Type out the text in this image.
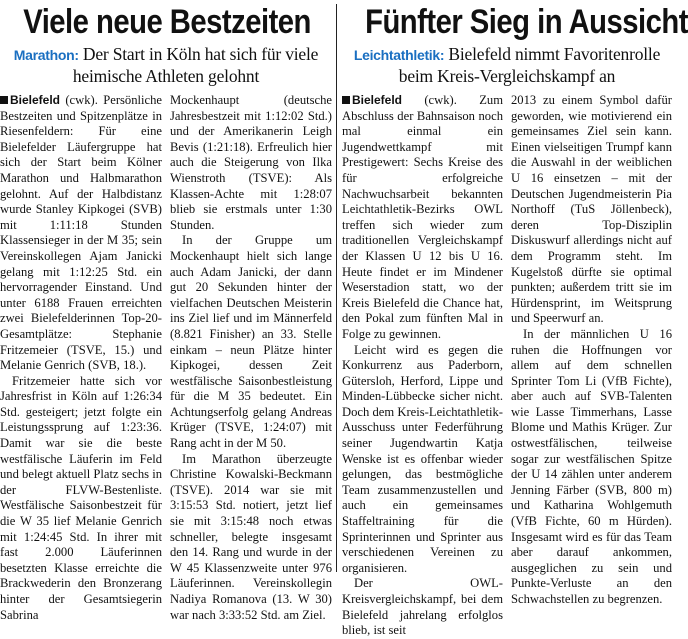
Viele neue Bestzeiten
Marathon: Der Start in Köln hat sich für viele heimische Athleten gelohnt

Bielefeld (cwk). Persönliche Bestzeiten und Spitzenplätze in Riesenfeldern: Für eine Bielefelder Läufergruppe hat sich der Start beim Kölner Marathon und Halbmarathon gelohnt. Auf der Halbdistanz wurde Stanley Kipkogei (SVB) mit 1:11:18 Stunden Klassensieger in der M 35; sein Vereinskollegen Ajam Janicki gelang mit 1:12:25 Std. ein hervorragender Einstand. Und unter 6188 Frauen erreichten zwei Bielefelderinnen Top-20-Gesamtplätze: Stephanie Fritzemeier (TSVE, 15.) und Melanie Genrich (SVB, 18.).

Fritzemeier hatte sich vor Jahresfrist in Köln auf 1:26:34 Std. gesteigert; jetzt folgte ein Leistungssprung auf 1:23:36. Damit war sie die beste westfälische Läuferin im Feld und belegt aktuell Platz sechs in der FLVW-Bestenliste. Westfälische Saisonbestzeit für die W 35 lief Melanie Genrich mit 1:24:45 Std. In ihrer mit fast 2.000 Läuferinnen besetzten Klasse erreichte die Brackwederin den Bronzerang hinter der Gesamtsiegerin Sabrina

Mockenhaupt (deutsche Jahresbestzeit mit 1:12:02 Std.) und der Amerikanerin Leigh Bevis (1:21:18). Erfreulich hier auch die Steigerung von Ilka Wienstroth (TSVE): Als Klassen-Achte mit 1:28:07 blieb sie erstmals unter 1:30 Stunden.

In der Gruppe um Mockenhaupt hielt sich lange auch Adam Janicki, der dann gut 20 Sekunden hinter der vielfachen Deutschen Meisterin ins Ziel lief und im Männerfeld (8.821 Finisher) an 33. Stelle einkam – neun Plätze hinter Kipkogei, dessen Zeit westfälische Saisonbestleistung für die M 35 bedeutet. Ein Achtungserfolg gelang Andreas Krüger (TSVE, 1:24:07) mit Rang acht in der M 50.

Im Marathon überzeugte Christine Kowalski-Beckmann (TSVE). 2014 war sie mit 3:15:53 Std. notiert, jetzt lief sie mit 3:15:48 noch etwas schneller, belegte insgesamt den 14. Rang und wurde in der W 45 Klassenzweite unter 976 Läuferinnen. Vereinskollegin Nadiya Romanova (13. W 30) war nach 3:33:52 Std. am Ziel.

Fünfter Sieg in Aussicht
Leichtathletik: Bielefeld nimmt Favoritenrolle beim Kreis-Vergleichskampf an

Bielefeld (cwk). Zum Abschluss der Bahnsaison noch mal einmal ein Jugendwettkampf mit Prestigewert: Sechs Kreise des für erfolgreiche Nachwuchsarbeit bekannten Leichtathletik-Bezirks OWL treffen sich wieder zum traditionellen Vergleichskampf der Klassen U 12 bis U 16. Heute findet er im Mindener Weserstadion statt, wo der Kreis Bielefeld die Chance hat, den Pokal zum fünften Mal in Folge zu gewinnen.

Leicht wird es gegen die Konkurrenz aus Paderborn, Gütersloh, Herford, Lippe und Minden-Lübbecke sicher nicht. Doch dem Kreis-Leichtathletik-Ausschuss unter Federführung seiner Jugendwartin Katja Wenske ist es offenbar wieder gelungen, das bestmögliche Team zusammenzustellen und auch ein gemeinsames Staffeltraining für die Sprinterinnen und Sprinter aus verschiedenen Vereinen zu organisieren.

Der OWL-Kreisvergleichskampf, bei dem Bielefeld jahrelang erfolglos blieb, ist seit

2013 zu einem Symbol dafür geworden, wie motivierend ein gemeinsames Ziel sein kann. Einen vielseitigen Trumpf kann die Auswahl in der weiblichen U 16 einsetzen – mit der Deutschen Jugendmeisterin Pia Northoff (TuS Jöllenbeck), deren Top-Disziplin Diskuswurf allerdings nicht auf dem Programm steht. Im Kugelstoß dürfte sie optimal punkten; außerdem tritt sie im Hürdensprint, im Weitsprung und Speerwurf an.

In der männlichen U 16 ruhen die Hoffnungen vor allem auf dem schnellen Sprinter Tom Li (VfB Fichte), aber auch auf SVB-Talenten wie Lasse Timmerhans, Lasse Blome und Mathis Krüger. Zur ostwestfälischen, teilweise sogar zur westfälischen Spitze der U 14 zählen unter anderem Jenning Färber (SVB, 800 m) und Katharina Wohlgemuth (VfB Fichte, 60 m Hürden). Insgesamt wird es für das Team aber darauf ankommen, ausgeglichen zu sein und Punkte-Verluste an den Schwachstellen zu begrenzen.
